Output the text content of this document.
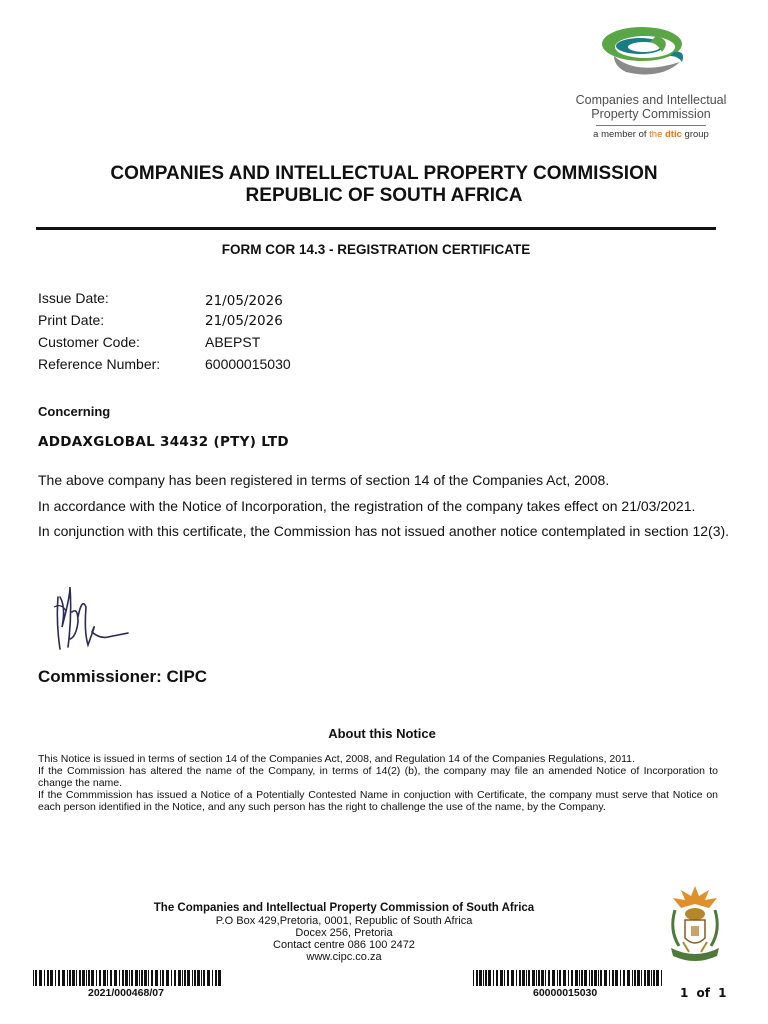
Companies and Intellectual
Property Commission
a member of the dtic group
COMPANIES AND INTELLECTUAL PROPERTY COMMISSION
REPUBLIC OF SOUTH AFRICA
FORM COR 14.3 - REGISTRATION CERTIFICATE
Issue Date:	21/05/2026
Print Date:	21/05/2026
Customer Code:	ABEPST
Reference Number:	60000015030
Concerning
ADDAXGLOBAL 34432 (PTY) LTD
The above company has been registered in terms of section 14 of the Companies Act, 2008.
In accordance with the Notice of Incorporation, the registration of the company takes effect on 21/03/2021.
In conjunction with this certificate, the Commission has not issued another notice contemplated in section 12(3).
Commissioner: CIPC
About this Notice

This Notice is issued in terms of section 14 of the Companies Act, 2008, and Regulation 14 of the Companies Regulations, 2011.

If the Commission has altered the name of the Company, in terms of 14(2) (b), the company may file an amended Notice of Incorporation to change the name.

If the Commmission has issued a Notice of a Potentially Contested Name in conjuction with Certificate, the company must serve that Notice on each person identified in the Notice, and any such person has the right to challenge the use of the name, by the Company.

The Companies and Intellectual Property Commission of South Africa
P.O Box 429,Pretoria, 0001, Republic of South Africa
Docex 256, Pretoria
Contact centre 086 100 2472
www.cipc.co.za
2021/000468/07	60000015030	1 of 1
